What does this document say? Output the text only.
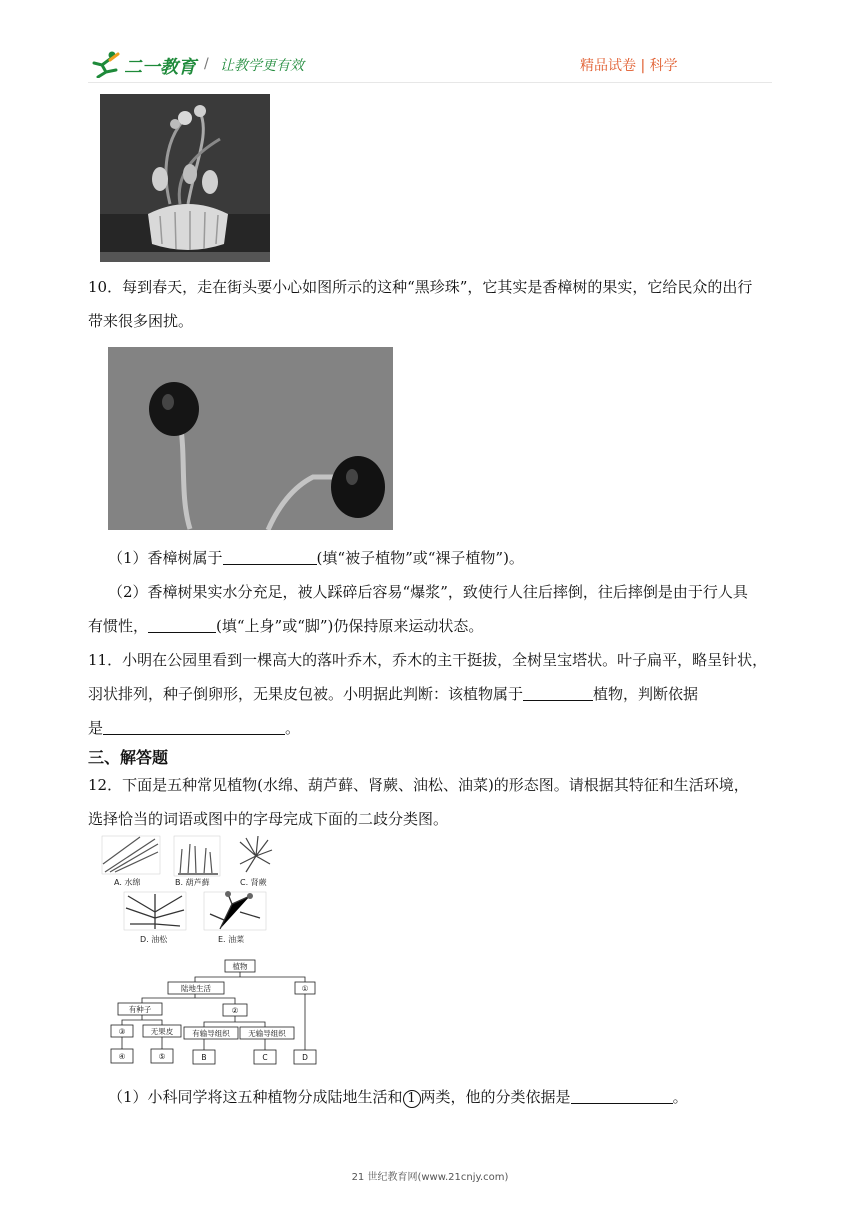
二一教育 / 让教学更有效	精品试卷 | 科学
10．每到春天，走在街头要小心如图所示的这种“黑珍珠”，它其实是香樟树的果实，它给民众的出行
带来很多困扰。
（1）香樟树属于	(填“被子植物”或“裸子植物”)。
（2）香樟树果实水分充足，被人踩碎后容易“爆浆”，致使行人往后摔倒，往后摔倒是由于行人具
有惯性，	(填“上身”或“脚”)仍保持原来运动状态。
11．小明在公园里看到一棵高大的落叶乔木，乔木的主干挺拔，全树呈宝塔状。叶子扁平，略呈针状，
羽状排列，种子倒卵形，无果皮包被。小明据此判断：该植物属于	植物，判断依据
是	。
三、解答题
12．下面是五种常见植物(水绵、葫芦藓、肾蕨、油松、油菜)的形态图。请根据其特征和生活环境，
选择恰当的词语或图中的字母完成下面的二歧分类图。
A. 水绵	B. 葫芦藓	C. 肾蕨
D. 油松	E. 油菜
植物
陆地生活	①
有种子	②
③	无果皮	有输导组织 无输导组织
④	⑤	B	C	D
（1）小科同学将这五种植物分成陆地生活和 1 两类，他的分类依据是	。
21 世纪教育网(www.21cnjy.com)
